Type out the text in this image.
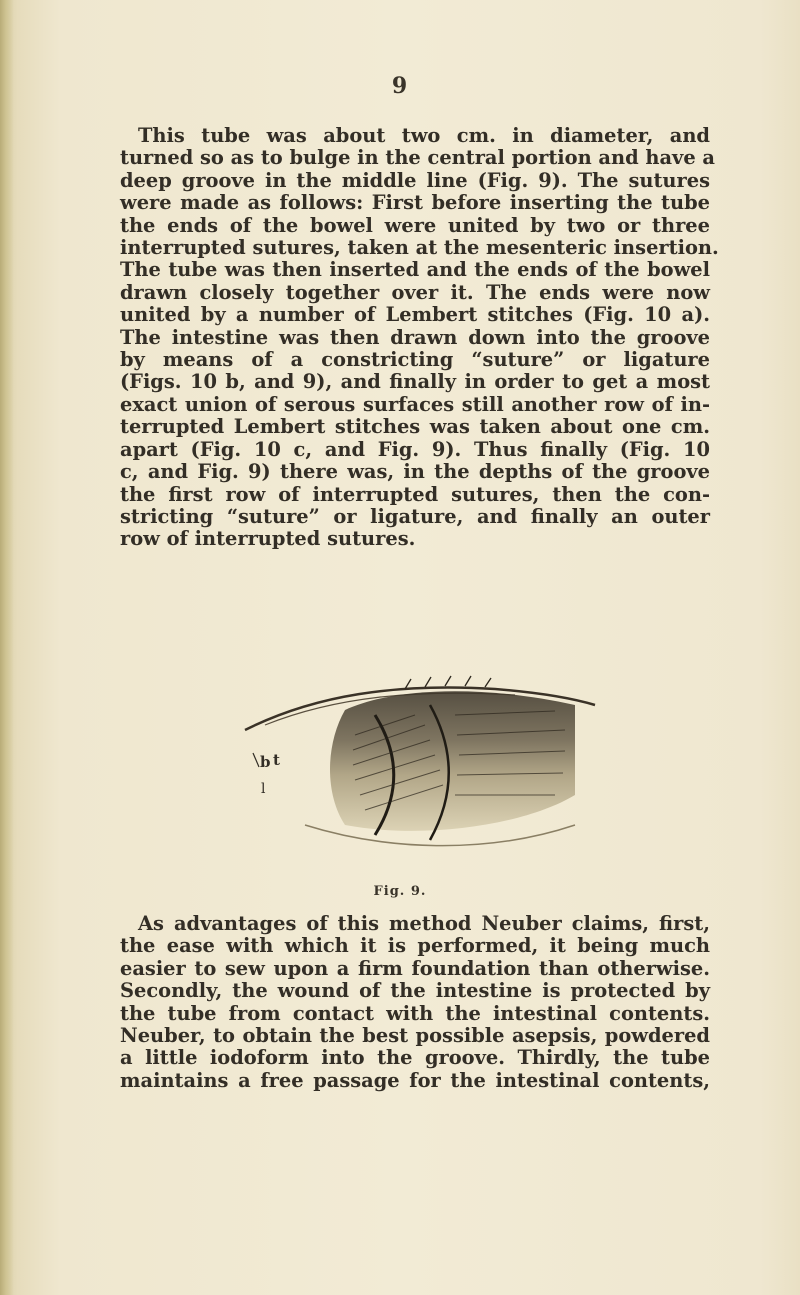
9
This tube was about two cm. in diameter, and
turned so as to bulge in the central portion and have a
deep groove in the middle line (Fig. 9). The sutures
were made as follows: First before inserting the tube
the ends of the bowel were united by two or three
interrupted sutures, taken at the mesenteric insertion.
The tube was then inserted and the ends of the bowel
drawn closely together over it. The ends were now
united by a number of Lembert stitches (Fig. 10 a).
The intestine was then drawn down into the groove
by means of a constricting “suture” or ligature
(Figs. 10 b, and 9), and finally in order to get a most
exact union of serous surfaces still another row of in-
terrupted Lembert stitches was taken about one cm.
apart (Fig. 10 c, and Fig. 9). Thus finally (Fig. 10
c, and Fig. 9) there was, in the depths of the groove
the first row of interrupted sutures, then the con-
stricting “suture” or ligature, and finally an outer
row of interrupted sutures.
b t
l
Fig. 9.
As advantages of this method Neuber claims, first,
the ease with which it is performed, it being much
easier to sew upon a firm foundation than otherwise.
Secondly, the wound of the intestine is protected by
the tube from contact with the intestinal contents.
Neuber, to obtain the best possible asepsis, powdered
a little iodoform into the groove. Thirdly, the tube
maintains a free passage for the intestinal contents,
